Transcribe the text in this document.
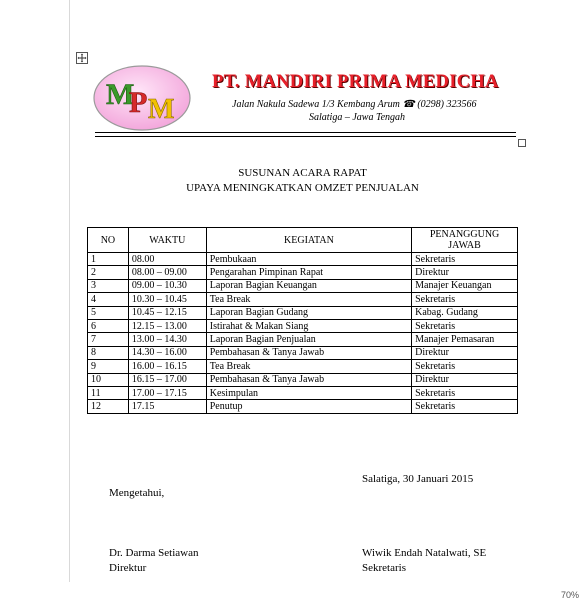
M
P M
PT. MANDIRI PRIMA MEDICHA
Jalan Nakula Sadewa 1/3 Kembang Arum ☎ (0298) 323566
Salatiga – Jawa Tengah
SUSUNAN ACARA RAPAT
UPAYA MENINGKATKAN OMZET PENJUALAN
NO	WAKTU	KEGIATAN	PENANGGUNG JAWAB
1	08.00	Pembukaan	Sekretaris
2	08.00 – 09.00	Pengarahan Pimpinan Rapat	Direktur
3	09.00 – 10.30	Laporan Bagian Keuangan	Manajer Keuangan
4	10.30 – 10.45	Tea Break	Sekretaris
5	10.45 – 12.15	Laporan Bagian Gudang	Kabag. Gudang
6	12.15 – 13.00	Istirahat & Makan Siang	Sekretaris
7	13.00 – 14.30	Laporan Bagian Penjualan	Manajer Pemasaran
8	14.30 – 16.00	Pembahasan & Tanya Jawab	Direktur
9	16.00 – 16.15	Tea Break	Sekretaris
10	16.15 – 17.00	Pembahasan & Tanya Jawab	Direktur
11	17.00 – 17.15	Kesimpulan	Sekretaris
12	17.15	Penutup	Sekretaris
Salatiga, 30 Januari 2015
Mengetahui,
Dr. Darma Setiawan
Direktur
Wiwik Endah Natalwati, SE
Sekretaris
70%
